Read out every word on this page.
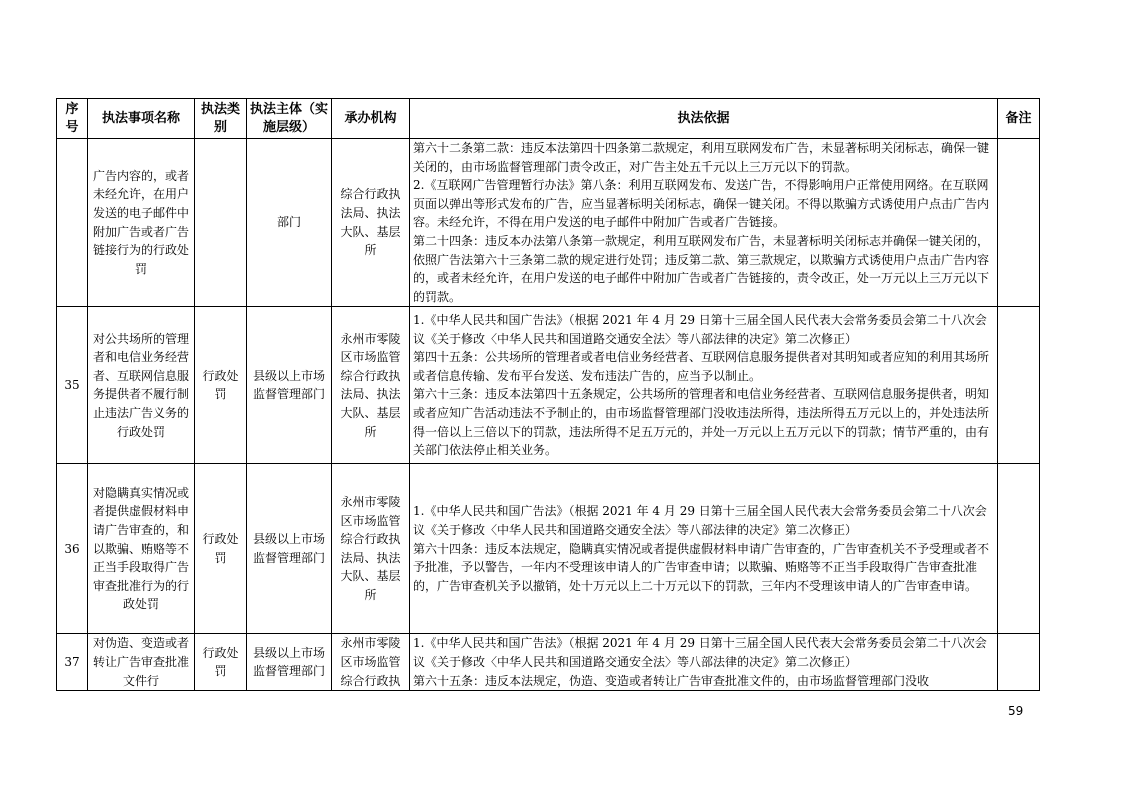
序号	执法事项名称	执法类别	执法主体（实施层级）	承办机构	执法依据	备注
	广告内容的，或者未经允许，在用户发送的电子邮件中附加广告或者广告链接行为的行政处罚		部门	综合行政执法局、执法大队、基层所	第六十二条第二款：违反本法第四十四条第二款规定，利用互联网发布广告，未显著标明关闭标志，确保一键关闭的，由市场监督管理部门责令改正，对广告主处五千元以上三万元以下的罚款。

2.《互联网广告管理暂行办法》第八条：利用互联网发布、发送广告，不得影响用户正常使用网络。在互联网页面以弹出等形式发布的广告，应当显著标明关闭标志，确保一键关闭。不得以欺骗方式诱使用户点击广告内容。未经允许，不得在用户发送的电子邮件中附加广告或者广告链接。

第二十四条：违反本办法第八条第一款规定，利用互联网发布广告，未显著标明关闭标志并确保一键关闭的，依照广告法第六十三条第二款的规定进行处罚；违反第二款、第三款规定，以欺骗方式诱使用户点击广告内容的，或者未经允许，在用户发送的电子邮件中附加广告或者广告链接的，责令改正，处一万元以上三万元以下的罚款。	

35	对公共场所的管理者和电信业务经营者、互联网信息服务提供者不履行制止违法广告义务的行政处罚	行政处罚	县级以上市场监督管理部门	永州市零陵区市场监管综合行政执法局、执法大队、基层所	1.《中华人民共和国广告法》（根据 2021 年 4 月 29 日第十三届全国人民代表大会常务委员会第二十八次会议《关于修改〈中华人民共和国道路交通安全法〉等八部法律的决定》第二次修正）

第四十五条：公共场所的管理者或者电信业务经营者、互联网信息服务提供者对其明知或者应知的利用其场所或者信息传输、发布平台发送、发布违法广告的，应当予以制止。

第六十三条：违反本法第四十五条规定，公共场所的管理者和电信业务经营者、互联网信息服务提供者，明知或者应知广告活动违法不予制止的，由市场监督管理部门没收违法所得，违法所得五万元以上的，并处违法所得一倍以上三倍以下的罚款，违法所得不足五万元的，并处一万元以上五万元以下的罚款；情节严重的，由有关部门依法停止相关业务。	

36	对隐瞒真实情况或者提供虚假材料申请广告审查的，和以欺骗、贿赂等不正当手段取得广告审查批准行为的行政处罚	行政处罚	县级以上市场监督管理部门	永州市零陵区市场监管综合行政执法局、执法大队、基层所	1.《中华人民共和国广告法》（根据 2021 年 4 月 29 日第十三届全国人民代表大会常务委员会第二十八次会议《关于修改〈中华人民共和国道路交通安全法〉等八部法律的决定》第二次修正）

第六十四条：违反本法规定，隐瞒真实情况或者提供虚假材料申请广告审查的，广告审查机关不予受理或者不予批准，予以警告，一年内不受理该申请人的广告审查申请；以欺骗、贿赂等不正当手段取得广告审查批准的，广告审查机关予以撤销，处十万元以上二十万元以下的罚款，三年内不受理该申请人的广告审查申请。	

37	对伪造、变造或者转让广告审查批准文件行	行政处罚	县级以上市场监督管理部门	永州市零陵区市场监管综合行政执	1.《中华人民共和国广告法》（根据 2021 年 4 月 29 日第十三届全国人民代表大会常务委员会第二十八次会议《关于修改〈中华人民共和国道路交通安全法〉等八部法律的决定》第二次修正）

第六十五条：违反本法规定，伪造、变造或者转让广告审查批准文件的，由市场监督管理部门没收	

59
